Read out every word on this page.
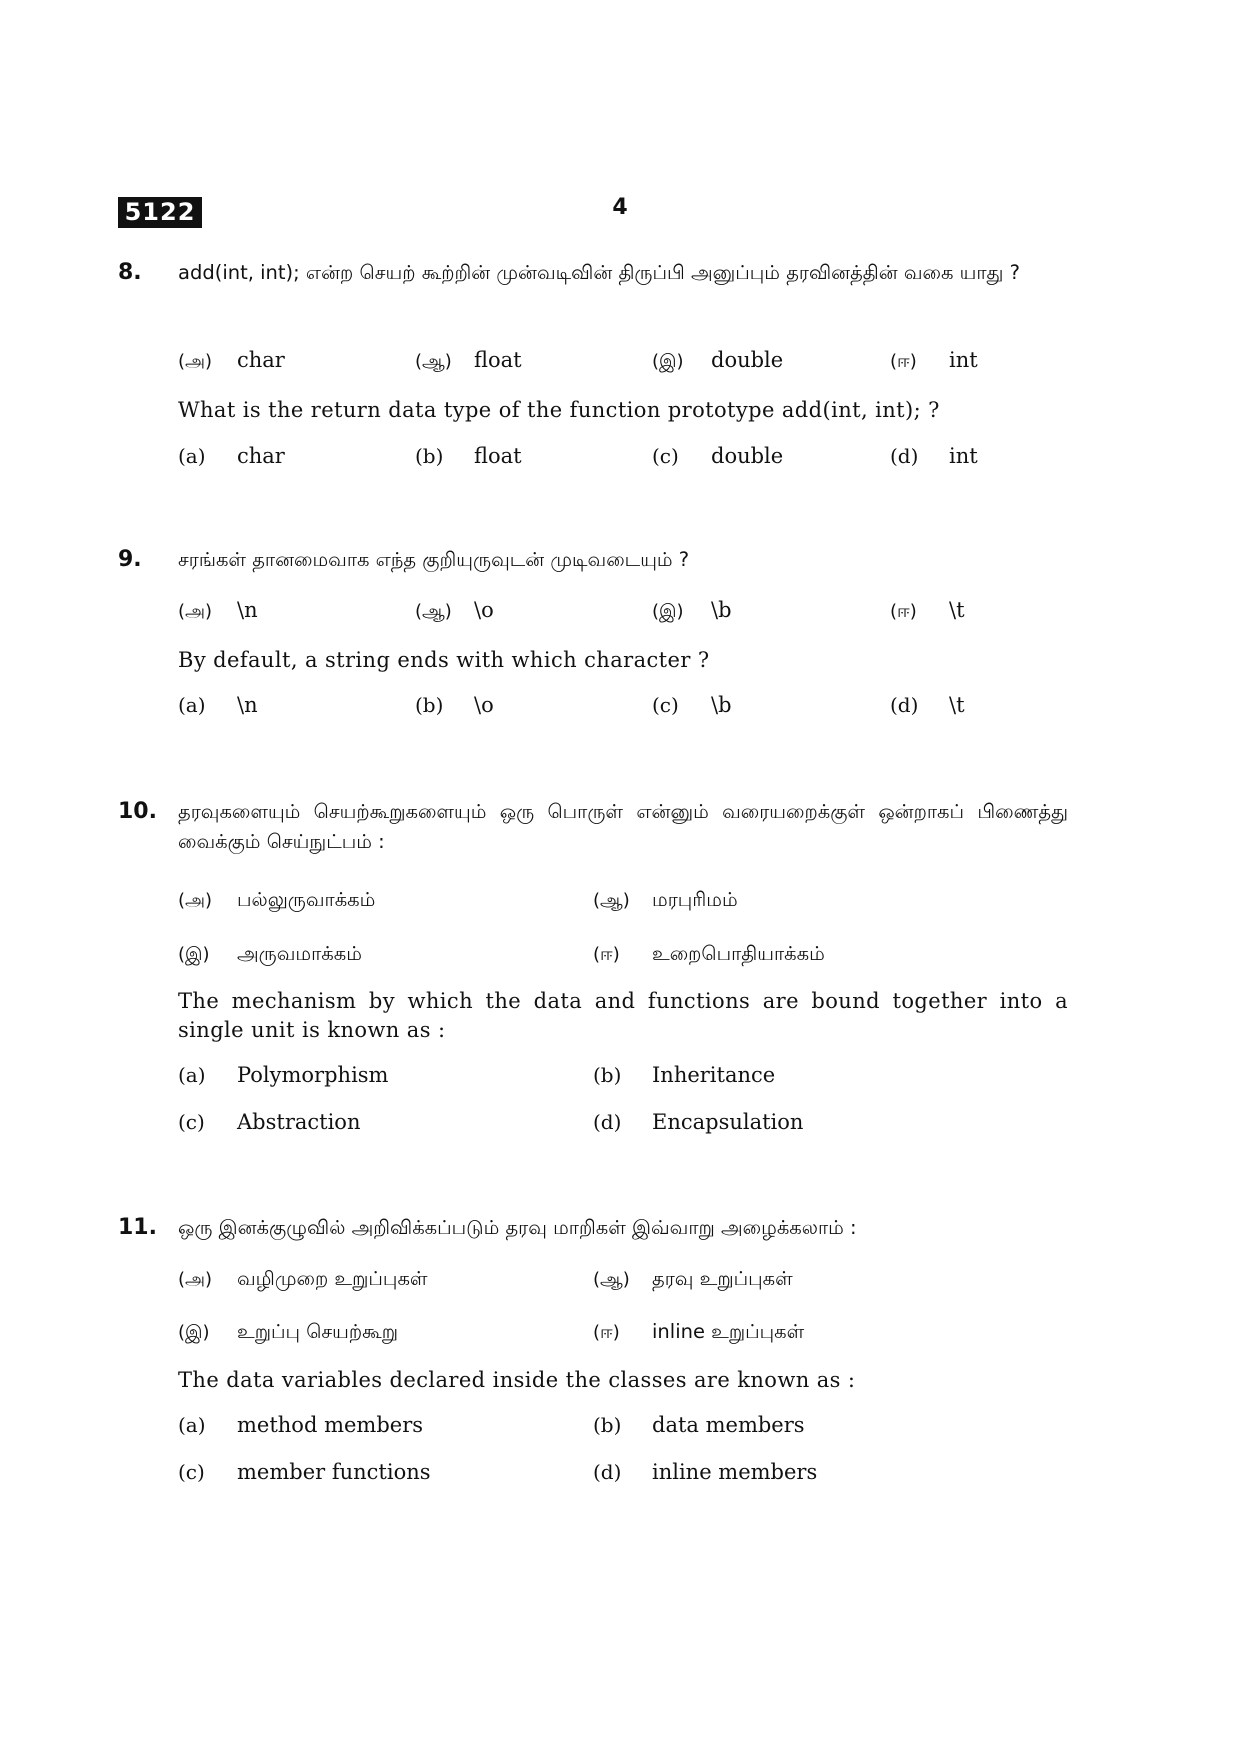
5122	4
8. add(int, int); என்ற செயற் கூற்றின் முன்வடிவின் திருப்பி அனுப்பும் தரவினத்தின் வகை யாது ?
(அ) char	(ஆ) float	(இ) double	(ஈ) int
What is the return data type of the function prototype add(int, int); ?
(a) char	(b) float	(c) double	(d) int
9. சரங்கள் தானமைவாக எந்த குறியுருவுடன் முடிவடையும் ?
(அ) \n	(ஆ) \o	(இ) \b	(ஈ) \t
By default, a string ends with which character ?
(a) \n	(b) \o	(c) \b	(d) \t
10. தரவுகளையும் செயற்கூறுகளையும் ஒரு பொருள் என்னும் வரையறைக்குள் ஒன்றாகப் பிணைத்து வைக்கும் செய்நுட்பம் :
(அ) பல்லுருவாக்கம்	(ஆ) மரபுரிமம்
(இ) அருவமாக்கம்	(ஈ) உறைபொதியாக்கம்
The mechanism by which the data and functions are bound together into a single unit is known as :
(a) Polymorphism	(b) Inheritance
(c) Abstraction	(d) Encapsulation
11. ஒரு இனக்குழுவில் அறிவிக்கப்படும் தரவு மாறிகள் இவ்வாறு அழைக்கலாம் :
(அ) வழிமுறை உறுப்புகள்	(ஆ) தரவு உறுப்புகள்
(இ) உறுப்பு செயற்கூறு	(ஈ) inline உறுப்புகள்
The data variables declared inside the classes are known as :
(a) method members	(b) data members
(c) member functions	(d) inline members
